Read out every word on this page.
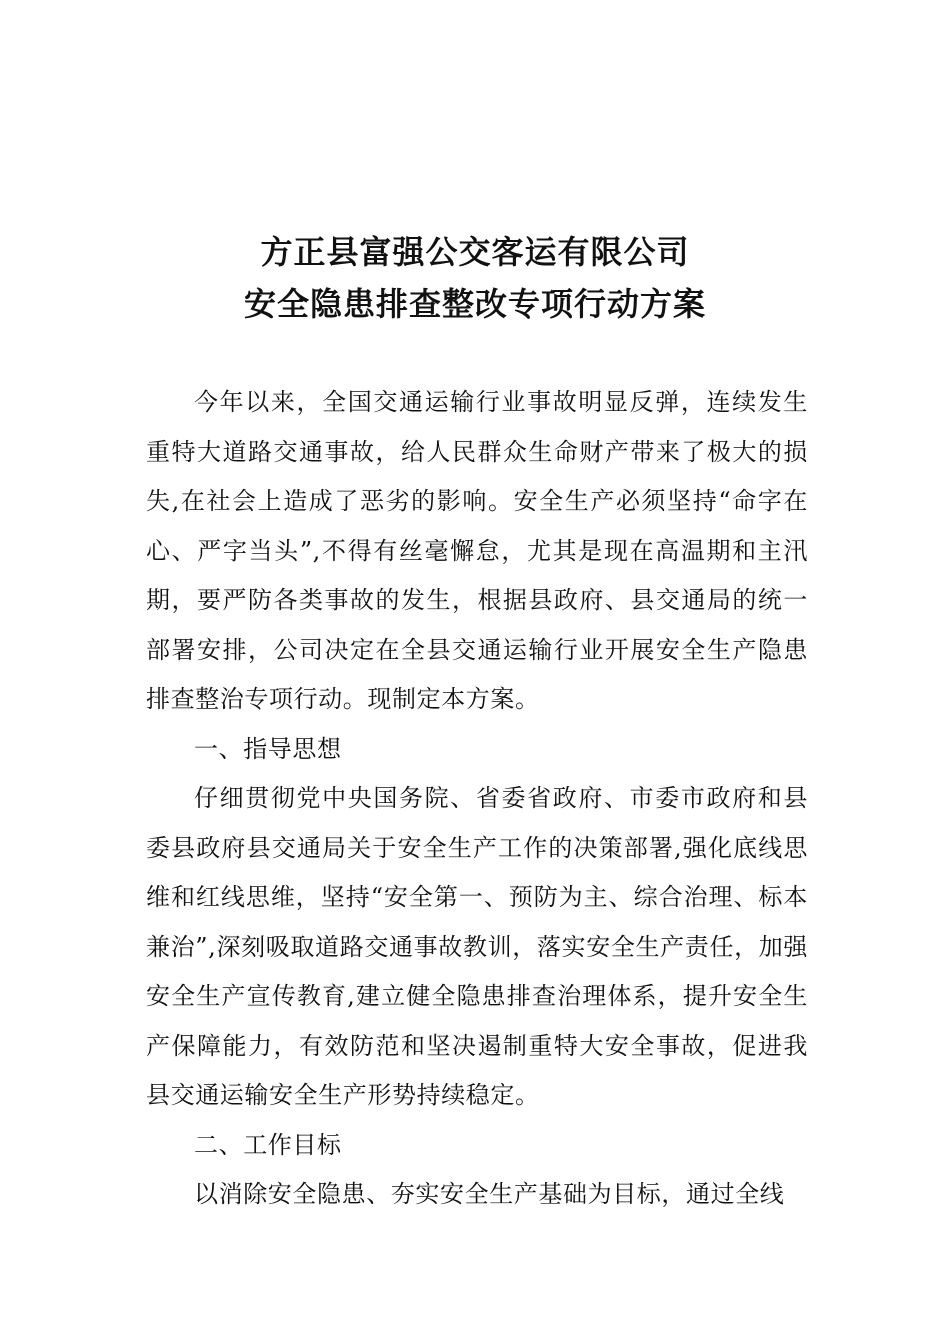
方正县富强公交客运有限公司
安全隐患排查整改专项行动方案

今年以来，全国交通运输行业事故明显反弹，连续发生重特大道路交通事故，给人民群众生命财产带来了极大的损失,在社会上造成了恶劣的影响。安全生产必须坚持“命字在心、严字当头”,不得有丝毫懈怠，尤其是现在高温期和主汛期，要严防各类事故的发生，根据县政府、县交通局的统一部署安排，公司决定在全县交通运输行业开展安全生产隐患排查整治专项行动。现制定本方案。

一、指导思想

仔细贯彻党中央国务院、省委省政府、市委市政府和县委县政府县交通局关于安全生产工作的决策部署,强化底线思维和红线思维，坚持“安全第一、预防为主、综合治理、标本兼治”,深刻吸取道路交通事故教训，落实安全生产责任，加强安全生产宣传教育,建立健全隐患排查治理体系，提升安全生产保障能力，有效防范和坚决遏制重特大安全事故，促进我县交通运输安全生产形势持续稳定。

二、工作目标

以消除安全隐患、夯实安全生产基础为目标，通过全线
